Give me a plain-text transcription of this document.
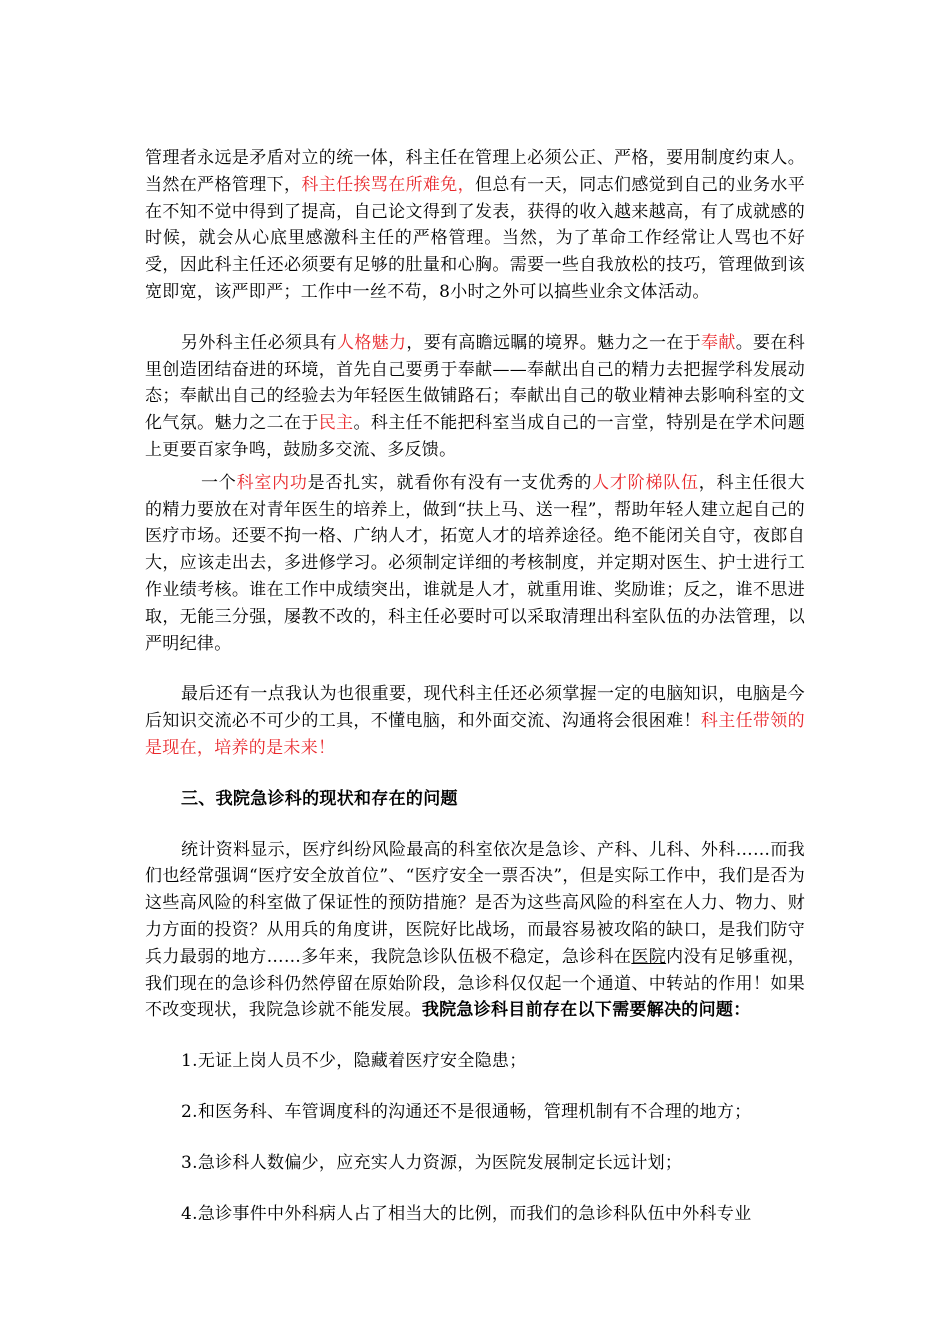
管理者永远是矛盾对立的统一体，科主任在管理上必须公正、严格，要用制度约束人。当然在严格管理下，科主任挨骂在所难免，但总有一天，同志们感觉到自己的业务水平在不知不觉中得到了提高，自己论文得到了发表，获得的收入越来越高，有了成就感的时候，就会从心底里感激科主任的严格管理。当然，为了革命工作经常让人骂也不好受，因此科主任还必须要有足够的肚量和心胸。需要一些自我放松的技巧，管理做到该宽即宽，该严即严；工作中一丝不苟，8小时之外可以搞些业余文体活动。

另外科主任必须具有人格魅力，要有高瞻远瞩的境界。魅力之一在于奉献。要在科里创造团结奋进的环境，首先自己要勇于奉献——奉献出自己的精力去把握学科发展动态；奉献出自己的经验去为年轻医生做铺路石；奉献出自己的敬业精神去影响科室的文化气氛。魅力之二在于民主。科主任不能把科室当成自己的一言堂，特别是在学术问题上更要百家争鸣，鼓励多交流、多反馈。

一个科室内功是否扎实，就看你有没有一支优秀的人才阶梯队伍，科主任很大的精力要放在对青年医生的培养上，做到“扶上马、送一程”，帮助年轻人建立起自己的医疗市场。还要不拘一格、广纳人才，拓宽人才的培养途径。绝不能闭关自守，夜郎自大，应该走出去，多进修学习。必须制定详细的考核制度，并定期对医生、护士进行工作业绩考核。谁在工作中成绩突出，谁就是人才，就重用谁、奖励谁；反之，谁不思进取，无能三分强，屡教不改的，科主任必要时可以采取清理出科室队伍的办法管理，以严明纪律。

最后还有一点我认为也很重要，现代科主任还必须掌握一定的电脑知识，电脑是今后知识交流必不可少的工具，不懂电脑，和外面交流、沟通将会很困难！科主任带领的是现在，培养的是未来！

三、我院急诊科的现状和存在的问题

统计资料显示，医疗纠纷风险最高的科室依次是急诊、产科、儿科、外科……而我们也经常强调“医疗安全放首位”、“医疗安全一票否决”，但是实际工作中，我们是否为这些高风险的科室做了保证性的预防措施？是否为这些高风险的科室在人力、物力、财力方面的投资？从用兵的角度讲，医院好比战场，而最容易被攻陷的缺口，是我们防守兵力最弱的地方……多年来，我院急诊队伍极不稳定，急诊科在医院内没有足够重视，我们现在的急诊科仍然停留在原始阶段，急诊科仅仅起一个通道、中转站的作用！如果不改变现状，我院急诊就不能发展。我院急诊科目前存在以下需要解决的问题：

1.无证上岗人员不少，隐藏着医疗安全隐患；

2.和医务科、车管调度科的沟通还不是很通畅，管理机制有不合理的地方；

3.急诊科人数偏少，应充实人力资源，为医院发展制定长远计划；

4.急诊事件中外科病人占了相当大的比例，而我们的急诊科队伍中外科专业
